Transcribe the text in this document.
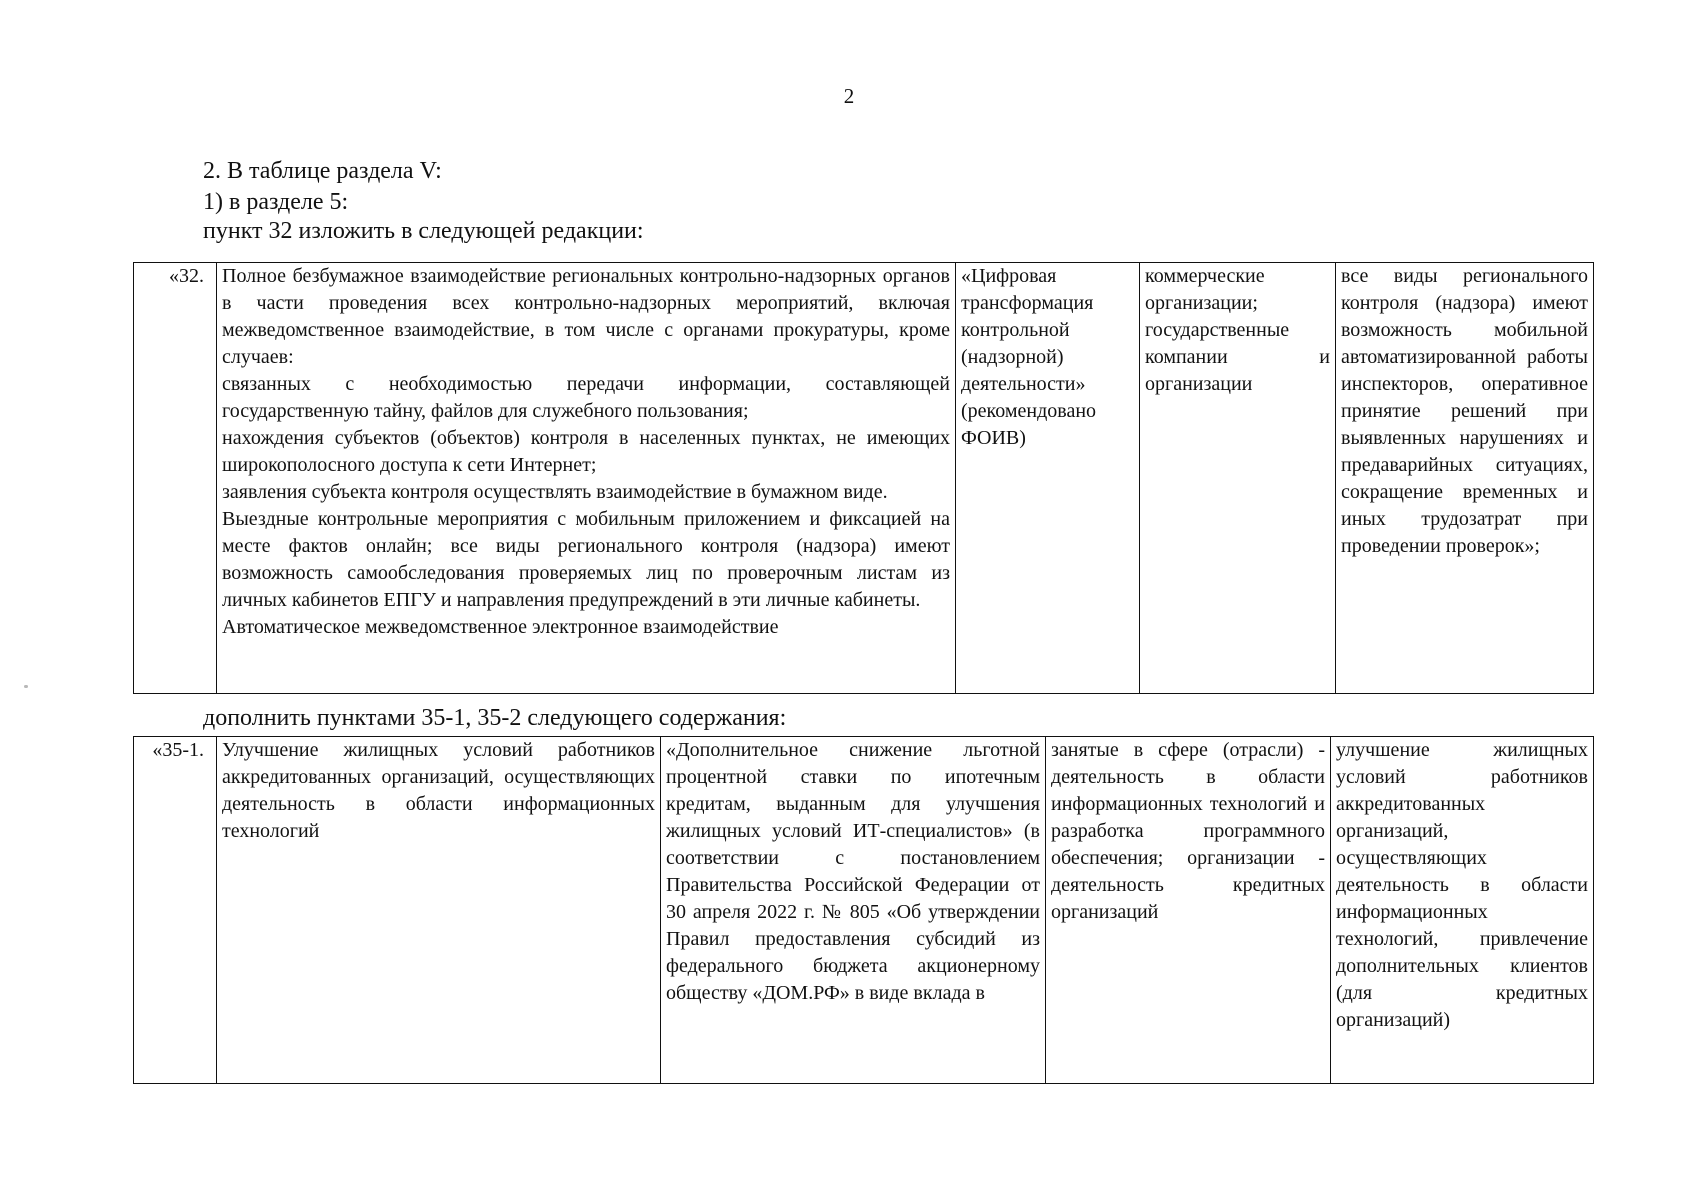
2
2. В таблице раздела V:
1) в разделе 5:
пункт 32 изложить в следующей редакции:
«32.	Полное безбумажное взаимодействие региональных контрольно-надзорных органов в части проведения всех контрольно-надзорных мероприятий, включая межведомственное взаимодействие, в том числе с органами прокуратуры, кроме случаев:
связанных с необходимостью передачи информации, составляющей государственную тайну, файлов для служебного пользования;
нахождения субъектов (объектов) контроля в населенных пунктах, не имеющих широкополосного доступа к сети Интернет;
заявления субъекта контроля осуществлять взаимодействие в бумажном виде.
Выездные контрольные мероприятия с мобильным приложением и фиксацией на месте фактов онлайн; все виды регионального контроля (надзора) имеют возможность самообследования проверяемых лиц по проверочным листам из личных кабинетов ЕПГУ и направления предупреждений в эти личные кабинеты.
Автоматическое межведомственное электронное взаимодействие
	«Цифровая трансформация контрольной (надзорной) деятельности» (рекомендовано ФОИВ)	коммерческие организации; государственные компании и организации	все виды регионального контроля (надзора) имеют возможность мобильной автоматизированной работы инспекторов, оперативное принятие решений при выявленных нарушениях и предаварийных ситуациях, сокращение временных и иных трудозатрат при проведении проверок»;
дополнить пунктами 35-1, 35-2 следующего содержания:
«35-1.	Улучшение жилищных условий работников аккредитованных организаций, осуществляющих деятельность в области информационных технологий	«Дополнительное снижение льготной процентной ставки по ипотечным кредитам, выданным для улучшения жилищных условий ИТ-специалистов» (в соответствии с постановлением Правительства Российской Федерации от 30 апреля 2022 г. № 805 «Об утверждении Правил предоставления субсидий из федерального бюджета акционерному обществу «ДОМ.РФ» в виде вклада в	занятые в сфере (отрасли) - деятельность в области информационных технологий и разработка программного обеспечения; организации - деятельность кредитных организаций	улучшение жилищных условий работников аккредитованных организаций, осуществляющих деятельность в области информационных технологий, привлечение дополнительных клиентов (для кредитных организаций)
